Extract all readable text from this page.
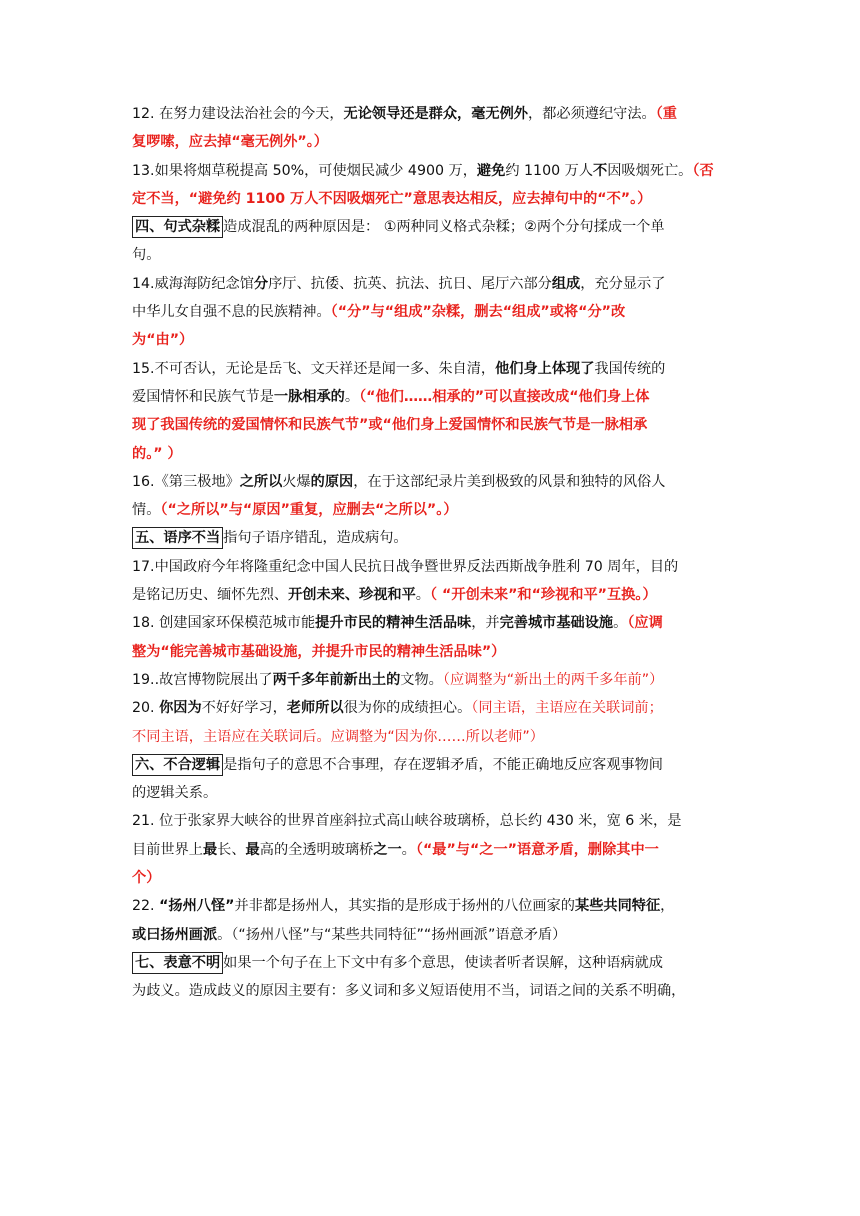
12. 在努力建设法治社会的今天，无论领导还是群众，毫无例外，都必须遵纪守法。（重
复啰嗦，应去掉“毫无例外”。）
13.如果将烟草税提高 50%，可使烟民减少 4900 万，避免约 1100 万人不因吸烟死亡。（否
定不当，“避免约 1100 万人不因吸烟死亡”意思表达相反，应去掉句中的“不”。）
四、句式杂糅 造成混乱的两种原因是： ①两种同义格式杂糅；②两个分句揉成一个单
句。
14.威海海防纪念馆分序厅、抗倭、抗英、抗法、抗日、尾厅六部分组成，充分显示了
中华儿女自强不息的民族精神。（“分”与“组成”杂糅，删去“组成”或将“分”改
为“由”）
15.不可否认，无论是岳飞、文天祥还是闻一多、朱自清，他们身上体现了我国传统的
爱国情怀和民族气节是一脉相承的。（“他们……相承的”可以直接改成“他们身上体
现了我国传统的爱国情怀和民族气节”或“他们身上爱国情怀和民族气节是一脉相承
的。” ）
16.《第三极地》之所以火爆的原因，在于这部纪录片美到极致的风景和独特的风俗人
情。（“之所以”与“原因”重复，应删去“之所以”。）
五、语序不当 指句子语序错乱，造成病句。
17.中国政府今年将隆重纪念中国人民抗日战争暨世界反法西斯战争胜利 70 周年，目的
是铭记历史、缅怀先烈、开创未来、珍视和平。（ “开创未来”和“珍视和平”互换。）
18. 创建国家环保模范城市能提升市民的精神生活品味，并完善城市基础设施。（应调
整为“能完善城市基础设施，并提升市民的精神生活品味”）
19..故宫博物院展出了两千多年前新出土的文物。（应调整为“新出土的两千多年前”）
20. 你因为不好好学习，老师所以很为你的成绩担心。（同主语，主语应在关联词前；
不同主语，主语应在关联词后。应调整为“因为你……所以老师”）
六、不合逻辑 是指句子的意思不合事理，存在逻辑矛盾，不能正确地反应客观事物间
的逻辑关系。
21. 位于张家界大峡谷的世界首座斜拉式高山峡谷玻璃桥，总长约 430 米，宽 6 米，是
目前世界上最长、最高的全透明玻璃桥之一。（“最”与“之一”语意矛盾，删除其中一
个）
22. “扬州八怪”并非都是扬州人，其实指的是形成于扬州的八位画家的某些共同特征，
或曰扬州画派。（“扬州八怪”与“某些共同特征”“扬州画派”语意矛盾）
七、表意不明 如果一个句子在上下文中有多个意思，使读者听者误解，这种语病就成
为歧义。造成歧义的原因主要有：多义词和多义短语使用不当，词语之间的关系不明确，
